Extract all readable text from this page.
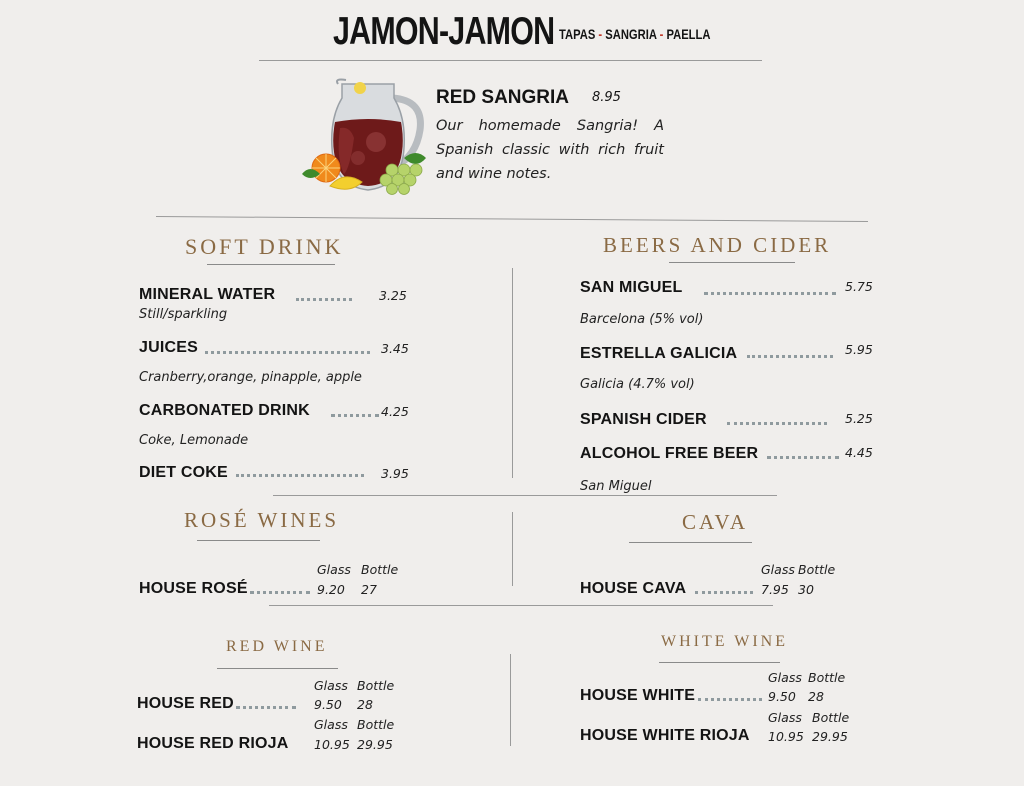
JAMON-JAMON TAPAS - SANGRIA - PAELLA
RED SANGRIA 8.95
Our homemade Sangria! A Spanish classic with rich fruit and wine notes.
SOFT DRINK
MINERAL WATER	3.25
Still/sparkling
JUICES	3.45
Cranberry,orange, pinapple, apple
CARBONATED DRINK	4.25
Coke, Lemonade
DIET COKE	3.95
BEERS AND CIDER
SAN MIGUEL	5.75
Barcelona (5% vol)
ESTRELLA GALICIA	5.95
Galicia (4.7% vol)
SPANISH CIDER	5.25
ALCOHOL FREE BEER	4.45
San Miguel
ROSÉ WINES
Glass Bottle
HOUSE ROSÉ	9.20 27
CAVA
Glass Bottle
HOUSE CAVA	7.95 30
RED WINE
Glass Bottle
HOUSE RED	9.50 28
Glass Bottle
HOUSE RED RIOJA 10.95 29.95
WHITE WINE
Glass Bottle
HOUSE WHITE	9.50 28
Glass Bottle
HOUSE WHITE RIOJA 10.95 29.95
